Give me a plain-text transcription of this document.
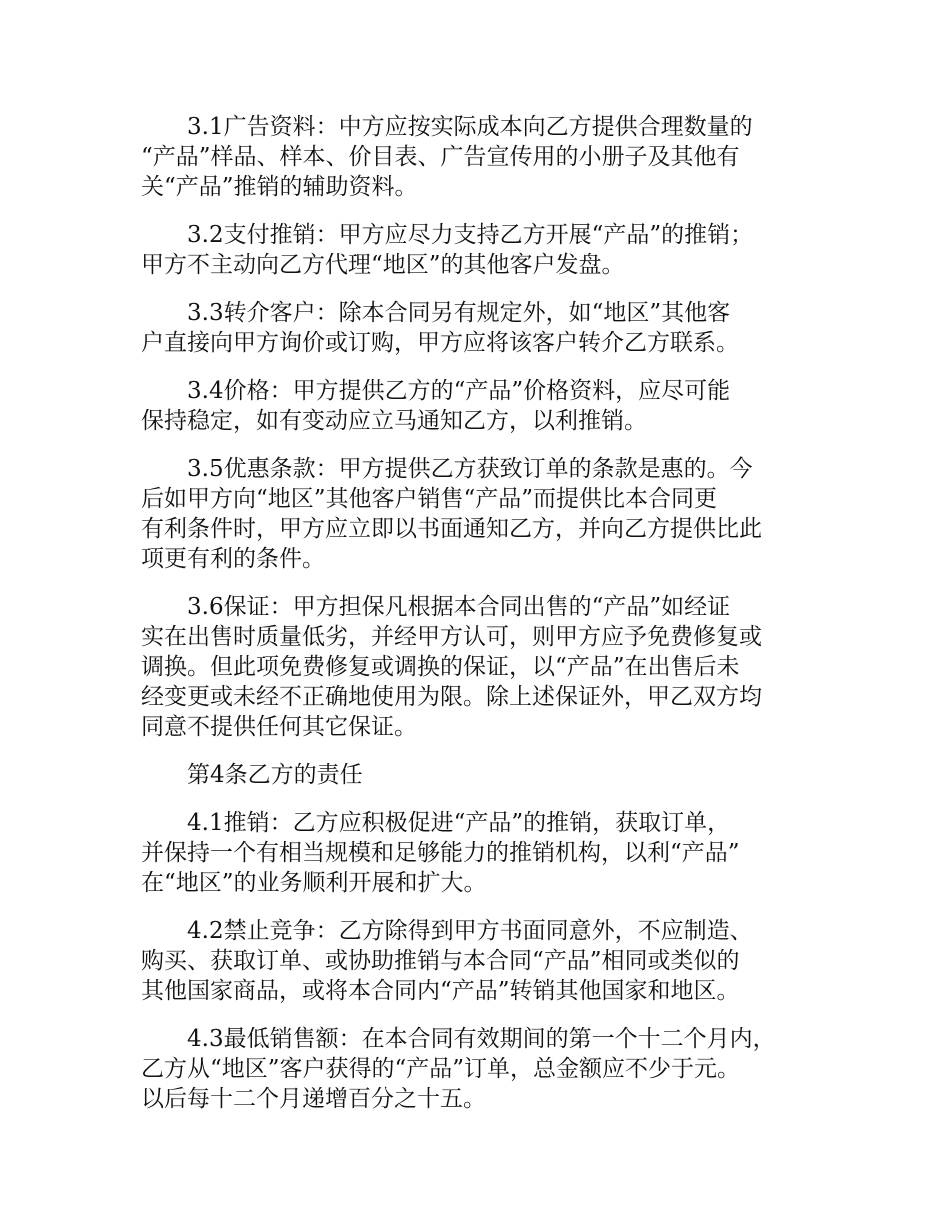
3.1广告资料：中方应按实际成本向乙方提供合理数量的
“产品”样品、样本、价目表、广告宣传用的小册子及其他有
关“产品”推销的辅助资料。

3.2支付推销：甲方应尽力支持乙方开展“产品”的推销；
甲方不主动向乙方代理“地区”的其他客户发盘。

3.3转介客户：除本合同另有规定外，如“地区”其他客
户直接向甲方询价或订购，甲方应将该客户转介乙方联系。

3.4价格：甲方提供乙方的“产品”价格资料，应尽可能
保持稳定，如有变动应立马通知乙方，以利推销。

3.5优惠条款：甲方提供乙方获致订单的条款是惠的。今
后如甲方向“地区”其他客户销售“产品”而提供比本合同更
有利条件时，甲方应立即以书面通知乙方，并向乙方提供比此
项更有利的条件。

3.6保证：甲方担保凡根据本合同出售的“产品”如经证
实在出售时质量低劣，并经甲方认可，则甲方应予免费修复或
调换。但此项免费修复或调换的保证，以“产品”在出售后未
经变更或未经不正确地使用为限。除上述保证外，甲乙双方均
同意不提供任何其它保证。

第4条乙方的责任

4.1推销：乙方应积极促进“产品”的推销，获取订单，
并保持一个有相当规模和足够能力的推销机构，以利“产品”
在“地区”的业务顺利开展和扩大。

4.2禁止竞争：乙方除得到甲方书面同意外，不应制造、
购买、获取订单、或协助推销与本合同“产品”相同或类似的
其他国家商品，或将本合同内“产品”转销其他国家和地区。

4.3最低销售额：在本合同有效期间的第一个十二个月内，
乙方从“地区”客户获得的“产品”订单，总金额应不少于元。
以后每十二个月递增百分之十五。
